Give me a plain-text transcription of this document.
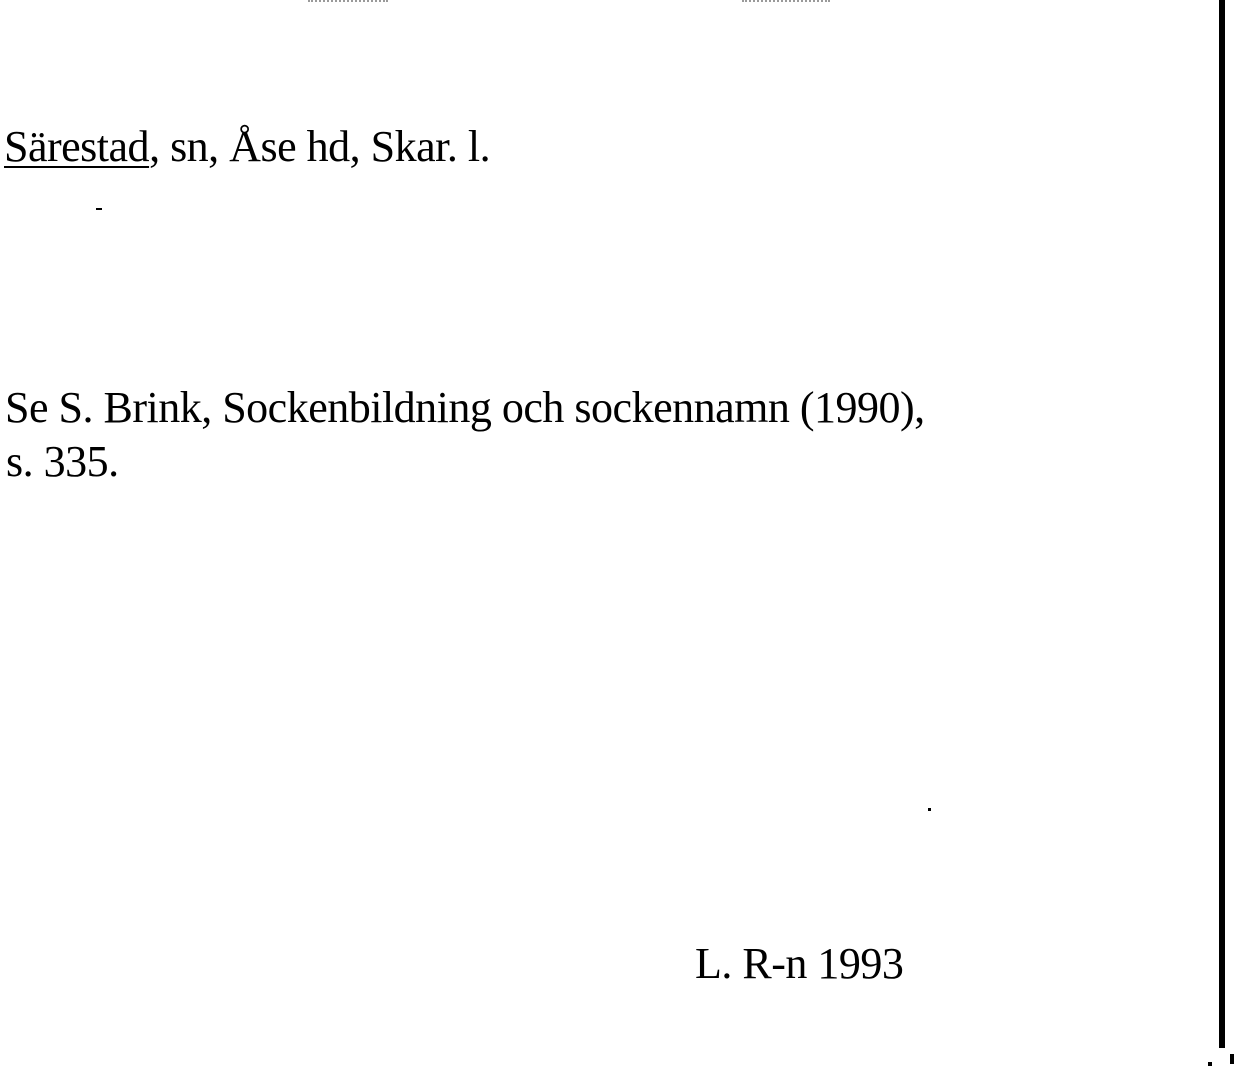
Särestad, sn, Åse hd, Skar. l.
Se S. Brink, Sockenbildning och sockennamn (1990),
s. 335.
L. R-n 1993
